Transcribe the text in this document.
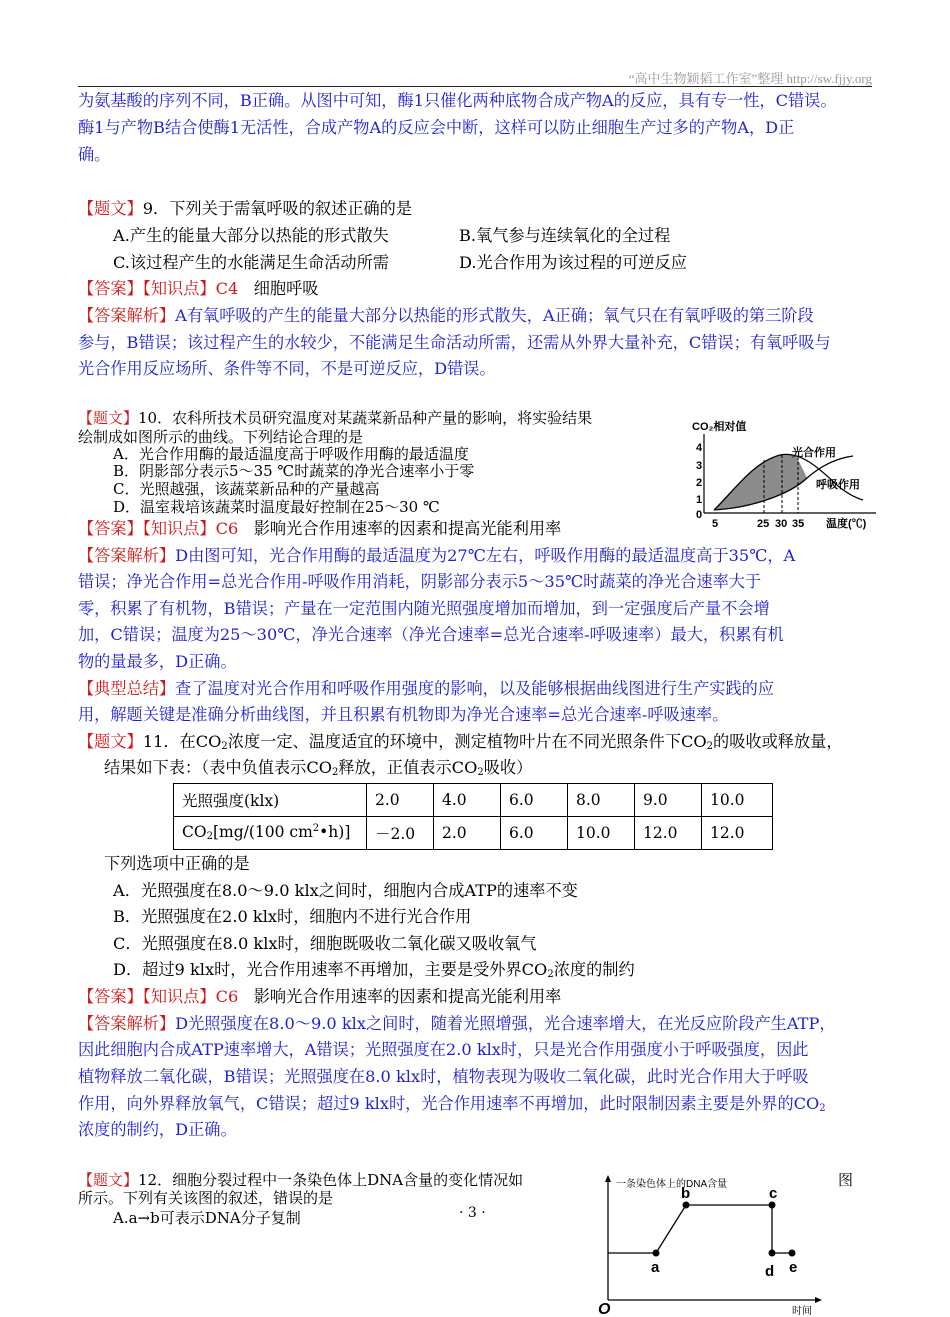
“高中生物颖韬工作室”整理 http://sw.fjjy.org
为氨基酸的序列不同，B正确。从图中可知，酶1只催化两种底物合成产物A的反应，具有专一性，C错误。
酶1与产物B结合使酶1无活性，合成产物A的反应会中断，这样可以防止细胞生产过多的产物A，D正
确。
【题文】9．下列关于需氧呼吸的叙述正确的是
A.产生的能量大部分以热能的形式散失	B.氧气参与连续氧化的全过程
C.该过程产生的水能满足生命活动所需	D.光合作用为该过程的可逆反应
【答案】【知识点】C4 细胞呼吸
【答案解析】A有氧呼吸的产生的能量大部分以热能的形式散失，A正确；氧气只在有氧呼吸的第三阶段
参与，B错误；该过程产生的水较少，不能满足生命活动所需，还需从外界大量补充，C错误；有氧呼吸与
光合作用反应场所、条件等不同，不是可逆反应，D错误。
【题文】10．农科所技术员研究温度对某蔬菜新品种产量的影响，将实验结果
绘制成如图所示的曲线。下列结论合理的是
A．光合作用酶的最适温度高于呼吸作用酶的最适温度
B．阴影部分表示5～35 ℃时蔬菜的净光合速率小于零
C．光照越强，该蔬菜新品种的产量越高
D．温室栽培该蔬菜时温度最好控制在25～30 ℃
【答案】【知识点】C6 影响光合作用速率的因素和提高光能利用率
【答案解析】D由图可知，光合作用酶的最适温度为27℃左右，呼吸作用酶的最适温度高于35℃，A
错误；净光合作用=总光合作用-呼吸作用消耗，阴影部分表示5～35℃时蔬菜的净光合速率大于
零，积累了有机物，B错误；产量在一定范围内随光照强度增加而增加，到一定强度后产量不会增
加，C错误；温度为25～30℃，净光合速率（净光合速率=总光合速率-呼吸速率）最大，积累有机
物的量最多，D正确。
【典型总结】查了温度对光合作用和呼吸作用强度的影响，以及能够根据曲线图进行生产实践的应
用，解题关键是准确分析曲线图，并且积累有机物即为净光合速率=总光合速率-呼吸速率。
CO₂相对值
4
3
2
1
0
光合作用
呼吸作用
5	25 30 35 温度(℃)
【题文】11．在$CO_2$浓度一定、温度适宜的环境中，测定植物叶片在不同光照条件下$CO_2$的吸收或释放量，
结果如下表：（表中负值表示$CO_2$释放，正值表示$CO_2$吸收）
光照强度(klx)	2.0	4.0	6.0	8.0	9.0	10.0
$CO_2[mg/(100$ $cm^2•h$)]	－2.0	2.0	6.0	10.0	12.0	12.0
下列选项中正确的是
A．光照强度在8.0～9.0 klx之间时，细胞内合成ATP的速率不变
B．光照强度在2.0 klx时，细胞内不进行光合作用
C．光照强度在8.0 klx时，细胞既吸收二氧化碳又吸收氧气
D．超过9 klx时，光合作用速率不再增加，主要是受外界$CO_2$浓度的制约
【答案】【知识点】C6 影响光合作用速率的因素和提高光能利用率
【答案解析】D光照强度在8.0～9.0 klx之间时，随着光照增强，光合速率增大，在光反应阶段产生ATP，
因此细胞内合成ATP速率增大，A错误；光照强度在2.0 klx时，只是光合作用强度小于呼吸强度，因此
植物释放二氧化碳，B错误；光照强度在8.0 klx时，植物表现为吸收二氧化碳，此时光合作用大于呼吸
作用，向外界释放氧气，C错误；超过9 klx时，光合作用速率不再增加，此时限制因素主要是外界的$CO_2$
浓度的制约，D正确。
【题文】12．细胞分裂过程中一条染色体上DNA含量的变化情况如	图
所示。下列有关该图的叙述，错误的是
A.a→b可表示DNA分子复制	· 3 ·
一条染色体上的DNA含量
a
b	c
d e
O	时间
